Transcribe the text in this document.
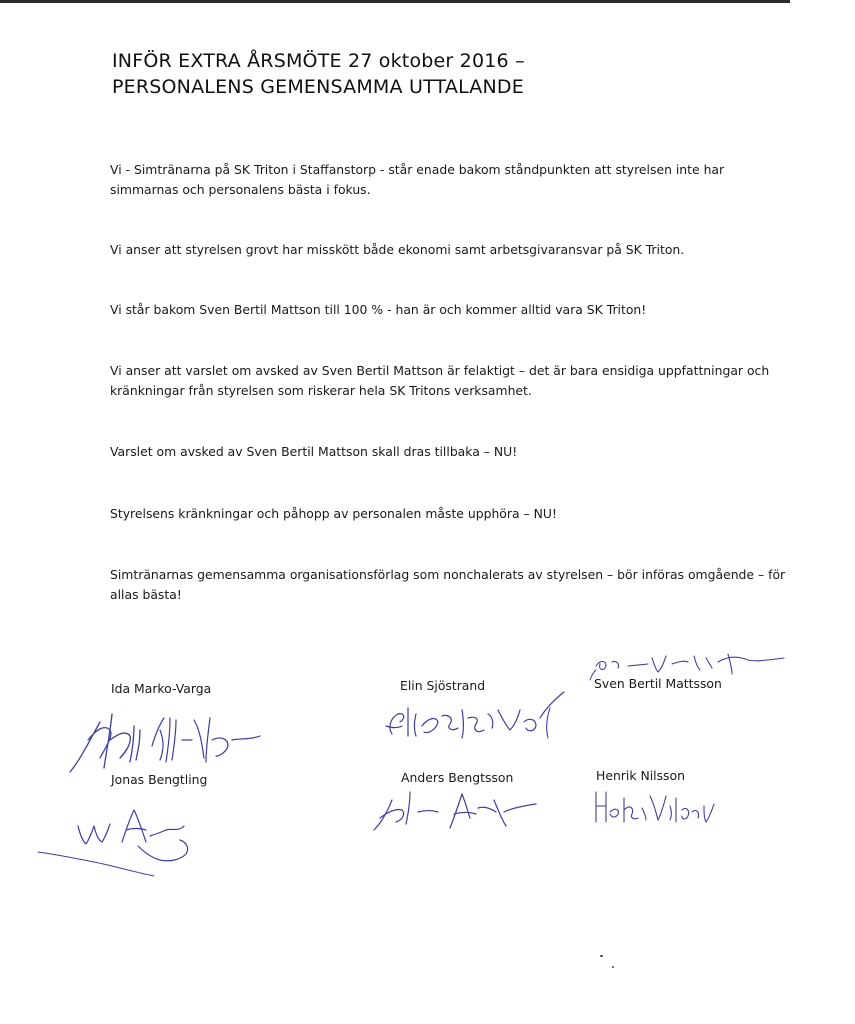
INFÖR EXTRA ÅRSMÖTE 27 oktober 2016 –
PERSONALENS GEMENSAMMA UTTALANDE

Vi - Simtränarna på SK Triton i Staffanstorp - står enade bakom ståndpunkten att styrelsen inte har simmarnas och personalens bästa i fokus.

Vi anser att styrelsen grovt har misskött både ekonomi samt arbetsgivaransvar på SK Triton.

Vi står bakom Sven Bertil Mattson till 100 % - han är och kommer alltid vara SK Triton!

Vi anser att varslet om avsked av Sven Bertil Mattson är felaktigt – det är bara ensidiga uppfattningar och kränkningar från styrelsen som riskerar hela SK Tritons verksamhet.

Varslet om avsked av Sven Bertil Mattson skall dras tillbaka – NU!

Styrelsens kränkningar och påhopp av personalen måste upphöra – NU!

Simtränarnas gemensamma organisationsförlag som nonchalerats av styrelsen – bör införas omgående – för allas bästa!

Ida Marko-Varga	Elin Sjöstrand	Sven Bertil Mattsson
Jonas Bengtling	Anders Bengtsson	Henrik Nilsson
